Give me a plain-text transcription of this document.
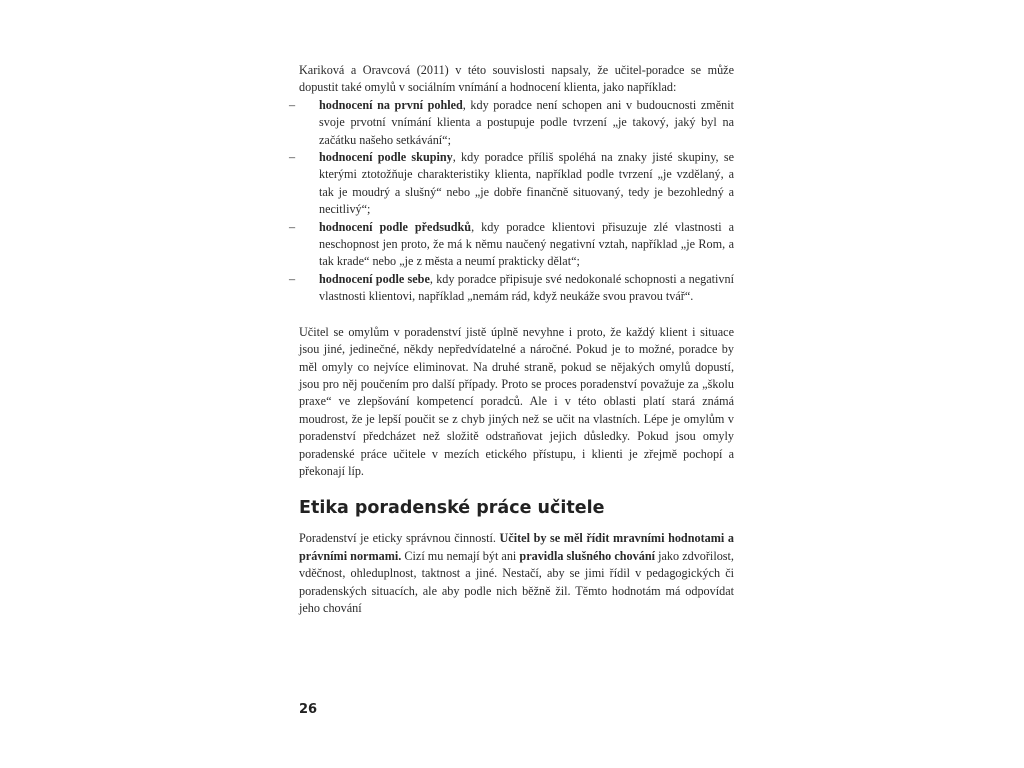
Kariková a Oravcová (2011) v této souvislosti napsaly, že učitel-poradce se může dopustit také omylů v sociálním vnímání a hodnocení klienta, jako například:

– hodnocení na první pohled, kdy poradce není schopen ani v budoucnosti změnit svoje prvotní vnímání klienta a postupuje podle tvrzení „je takový, jaký byl na začátku našeho setkávání“;
– hodnocení podle skupiny, kdy poradce příliš spoléhá na znaky jisté skupiny, se kterými ztotožňuje charakteristiky klienta, například podle tvrzení „je vzdělaný, a tak je moudrý a slušný“ nebo „je dobře finančně situovaný, tedy je bezohledný a necitlivý“;
– hodnocení podle předsudků, kdy poradce klientovi přisuzuje zlé vlastnosti a neschopnost jen proto, že má k němu naučený negativní vztah, například „je Rom, a tak krade“ nebo „je z města a neumí prakticky dělat“;
– hodnocení podle sebe, kdy poradce připisuje své nedokonalé schopnosti a negativní vlastnosti klientovi, například „nemám rád, když neukáže svou pravou tvář“.

Učitel se omylům v poradenství jistě úplně nevyhne i proto, že každý klient i situace jsou jiné, jedinečné, někdy nepředvídatelné a náročné. Pokud je to možné, poradce by měl omyly co nejvíce eliminovat. Na druhé straně, pokud se nějakých omylů dopustí, jsou pro něj poučením pro další případy. Proto se proces poradenství považuje za „školu praxe“ ve zlepšování kompetencí poradců. Ale i v této oblasti platí stará známá moudrost, že je lepší poučit se z chyb jiných než se učit na vlastních. Lépe je omylům v poradenství předcházet než složitě odstraňovat jejich důsledky. Pokud jsou omyly poradenské práce učitele v mezích etického přístupu, i klienti je zřejmě pochopí a překonají líp.

Etika poradenské práce učitele

Poradenství je eticky správnou činností. Učitel by se měl řídit mravními hodnotami a právními normami. Cizí mu nemají být ani pravidla slušného chování jako zdvořilost, vděčnost, ohleduplnost, taktnost a jiné. Nestačí, aby se jimi řídil v pedagogických či poradenských situacích, ale aby podle nich běžně žil. Těmto hodnotám má odpovídat jeho chování

26
